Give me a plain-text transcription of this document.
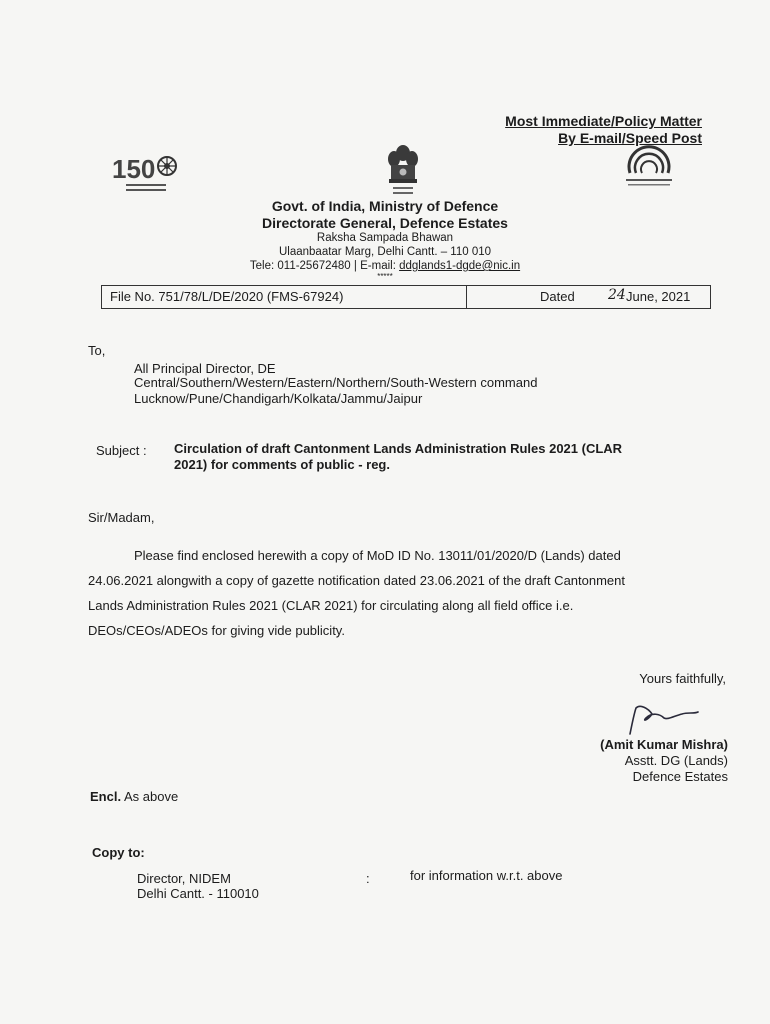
Most Immediate/Policy Matter
By E-mail/Speed Post
150
Govt. of India, Ministry of Defence
Directorate General, Defence Estates
Raksha Sampada Bhawan
Ulaanbaatar Marg, Delhi Cantt. – 110 010
Tele: 011-25672480 | E-mail: ddglands1-dgde@nic.in
*****
File No. 751/78/L/DE/2020 (FMS-67924)	Dated 24 June, 2021
To,
All Principal Director, DE
Central/Southern/Western/Eastern/Northern/South-Western command
Lucknow/Pune/Chandigarh/Kolkata/Jammu/Jaipur
Subject : Circulation of draft Cantonment Lands Administration Rules 2021 (CLAR
2021) for comments of public - reg.
Sir/Madam,
Please find enclosed herewith a copy of MoD ID No. 13011/01/2020/D (Lands) dated
24.06.2021 alongwith a copy of gazette notification dated 23.06.2021 of the draft Cantonment
Lands Administration Rules 2021 (CLAR 2021) for circulating along all field office i.e.
DEOs/CEOs/ADEOs for giving vide publicity.
Yours faithfully,
(Amit Kumar Mishra)
Asstt. DG (Lands)
Defence Estates
Encl. As above
Copy to:
Director, NIDEM
Delhi Cantt. - 110010
:	for information w.r.t. above
